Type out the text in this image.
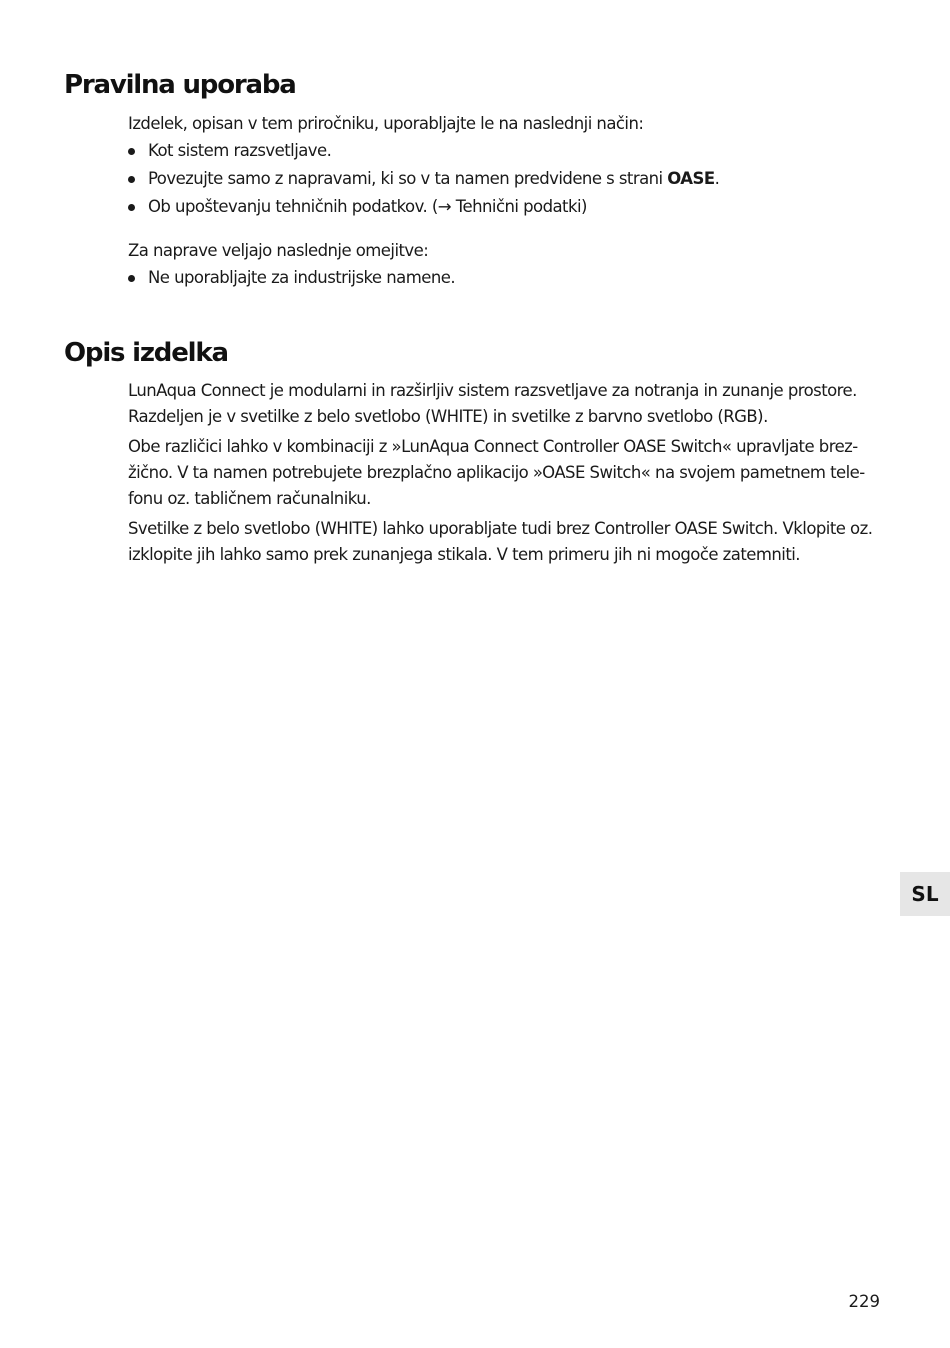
Pravilna uporaba

Izdelek, opisan v tem priročniku, uporabljajte le na naslednji način:

Kot sistem razsvetljave.
Povezujte samo z napravami, ki so v ta namen predvidene s strani OASE.
Ob upoštevanju tehničnih podatkov. (→ Tehnični podatki)

Za naprave veljajo naslednje omejitve:

Ne uporabljajte za industrijske namene.
Opis izdelka

LunAqua Connect je modularni in razširljiv sistem razsvetljave za notranja in zunanje prostore. Razdeljen je v svetilke z belo svetlobo (WHITE) in svetilke z barvno svetlobo (RGB).

Obe različici lahko v kombinaciji z »LunAqua Connect Controller OASE Switch« upravljate brez-žično. V ta namen potrebujete brezplačno aplikacijo »OASE Switch« na svojem pametnem tele-fonu oz. tabličnem računalniku.

Svetilke z belo svetlobo (WHITE) lahko uporabljate tudi brez Controller OASE Switch. Vklopite oz. izklopite jih lahko samo prek zunanjega stikala. V tem primeru jih ni mogoče zatemniti.

SL
229
